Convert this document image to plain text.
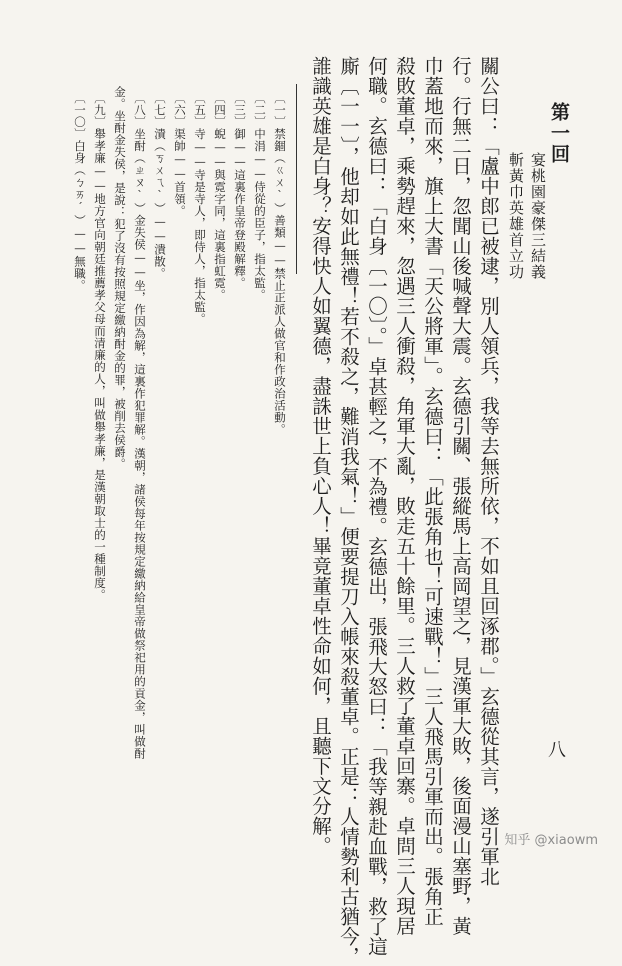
第一回
宴桃園豪傑三結義
斬黃巾英雄首立功
八
關公曰：「盧中郎已被逮，別人領兵，我等去無所依，不如且回涿郡。」玄德從其言，遂引軍北
行。行無二日，忽聞山後喊聲大震。玄德引關、張縱馬上高岡望之，見漢軍大敗，後面漫山塞野，黃
巾蓋地而來，旗上大書「天公將軍」。玄德曰：「此張角也！可速戰！」三人飛馬引軍而出。張角正
殺敗董卓，乘勢趕來，忽遇三人衝殺，角軍大亂，敗走五十餘里。三人救了董卓回寨。卓問三人現居
何職。玄德曰：「白身〔一〇〕。」卓甚輕之，不為禮。玄德出，張飛大怒曰：「我等親赴血戰，救了這
廝〔一一〕，他却如此無禮！若不殺之，難消我氣！」便要提刀入帳來殺董卓。正是：人情勢利古猶今，
誰識英雄是白身？安得快人如翼德，盡誅世上負心人！畢竟董卓性命如何，且聽下文分解。
〔一〕禁錮（ㄍㄨˋ）善類——禁止正派人做官和作政治活動。
〔二〕中涓——侍從的臣子，指太監。
〔三〕御——這裏作皇帝登殿解釋。
〔四〕蜺——與霓字同，這裏指虹霓。
〔五〕寺——寺是寺人，即侍人，指太監。
〔六〕渠帥——首領。
〔七〕潰（ㄎㄨㄟˋ）——潰散。
〔八〕坐酎（ㄓㄡˋ）金失侯——坐，作因為解，這裏作犯罪解。漢朝，諸侯每年按規定繳納給皇帝做祭祀用的貢金，叫做酎
金。坐酎金失侯，是說：犯了沒有按照規定繳納酎金的罪，被削去侯爵。
〔九〕舉孝廉——地方官向朝廷推薦孝父母而清廉的人，叫做舉孝廉，是漢朝取士的一種制度。
〔一〇〕白身（ㄅㄞˊ）——無職。
知乎 @xiaowm
